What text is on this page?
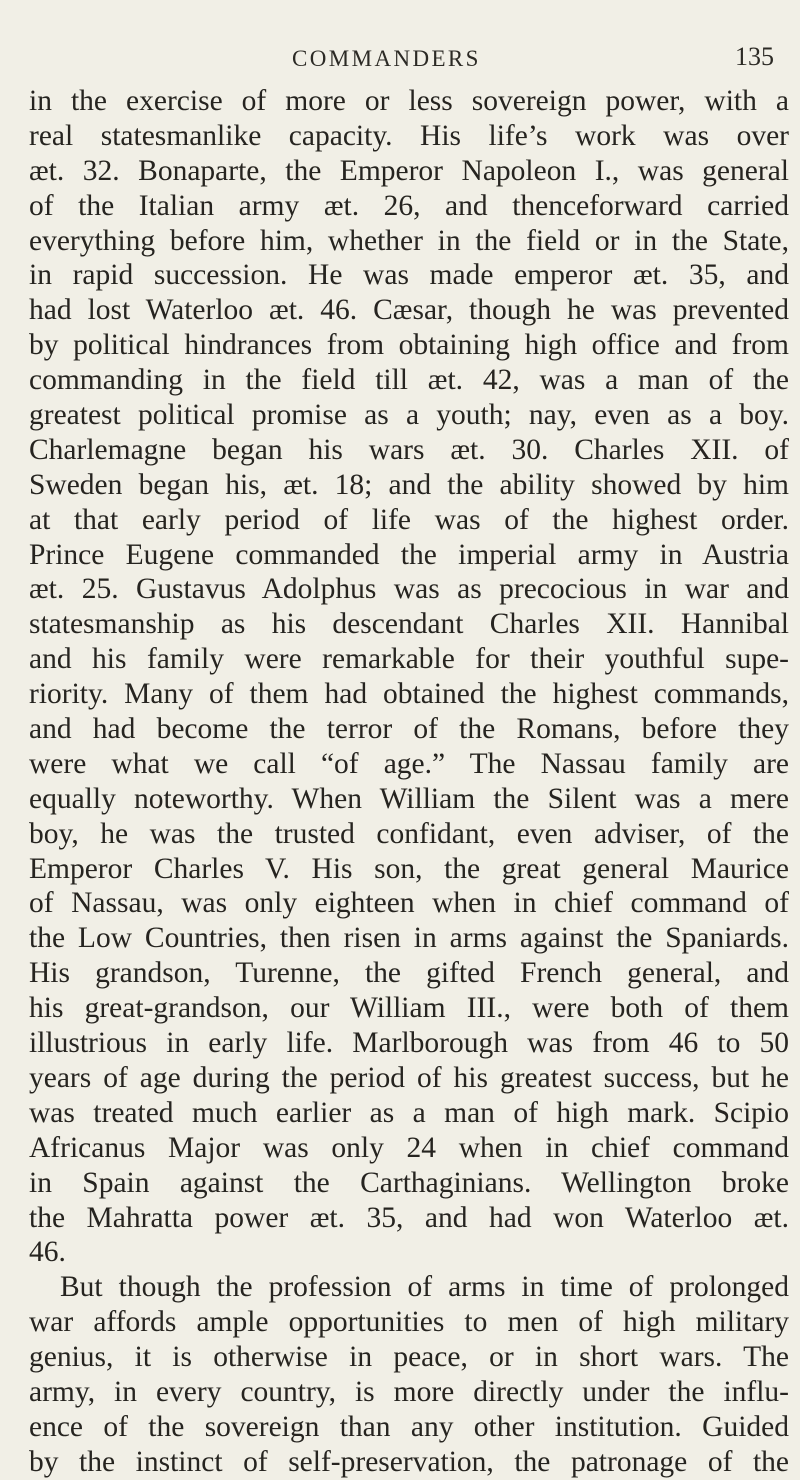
COMMANDERS	135
in the exercise of more or less sovereign power, with a
real statesmanlike capacity. His life’s work was over
æt. 32. Bonaparte, the Emperor Napoleon I., was general
of the Italian army æt. 26, and thenceforward carried
everything before him, whether in the field or in the State,
in rapid succession. He was made emperor æt. 35, and
had lost Waterloo æt. 46. Cæsar, though he was prevented
by political hindrances from obtaining high office and from
commanding in the field till æt. 42, was a man of the
greatest political promise as a youth; nay, even as a boy.
Charlemagne began his wars æt. 30. Charles XII. of
Sweden began his, æt. 18; and the ability showed by him
at that early period of life was of the highest order.
Prince Eugene commanded the imperial army in Austria
æt. 25. Gustavus Adolphus was as precocious in war and
statesmanship as his descendant Charles XII. Hannibal
and his family were remarkable for their youthful supe-
riority. Many of them had obtained the highest commands,
and had become the terror of the Romans, before they
were what we call “of age.” The Nassau family are
equally noteworthy. When William the Silent was a mere
boy, he was the trusted confidant, even adviser, of the
Emperor Charles V. His son, the great general Maurice
of Nassau, was only eighteen when in chief command of
the Low Countries, then risen in arms against the Spaniards.
His grandson, Turenne, the gifted French general, and
his great-grandson, our William III., were both of them
illustrious in early life. Marlborough was from 46 to 50
years of age during the period of his greatest success, but he
was treated much earlier as a man of high mark. Scipio
Africanus Major was only 24 when in chief command
in Spain against the Carthaginians. Wellington broke
the Mahratta power æt. 35, and had won Waterloo æt.
46.
But though the profession of arms in time of prolonged
war affords ample opportunities to men of high military
genius, it is otherwise in peace, or in short wars. The
army, in every country, is more directly under the influ-
ence of the sovereign than any other institution. Guided
by the instinct of self-preservation, the patronage of the
